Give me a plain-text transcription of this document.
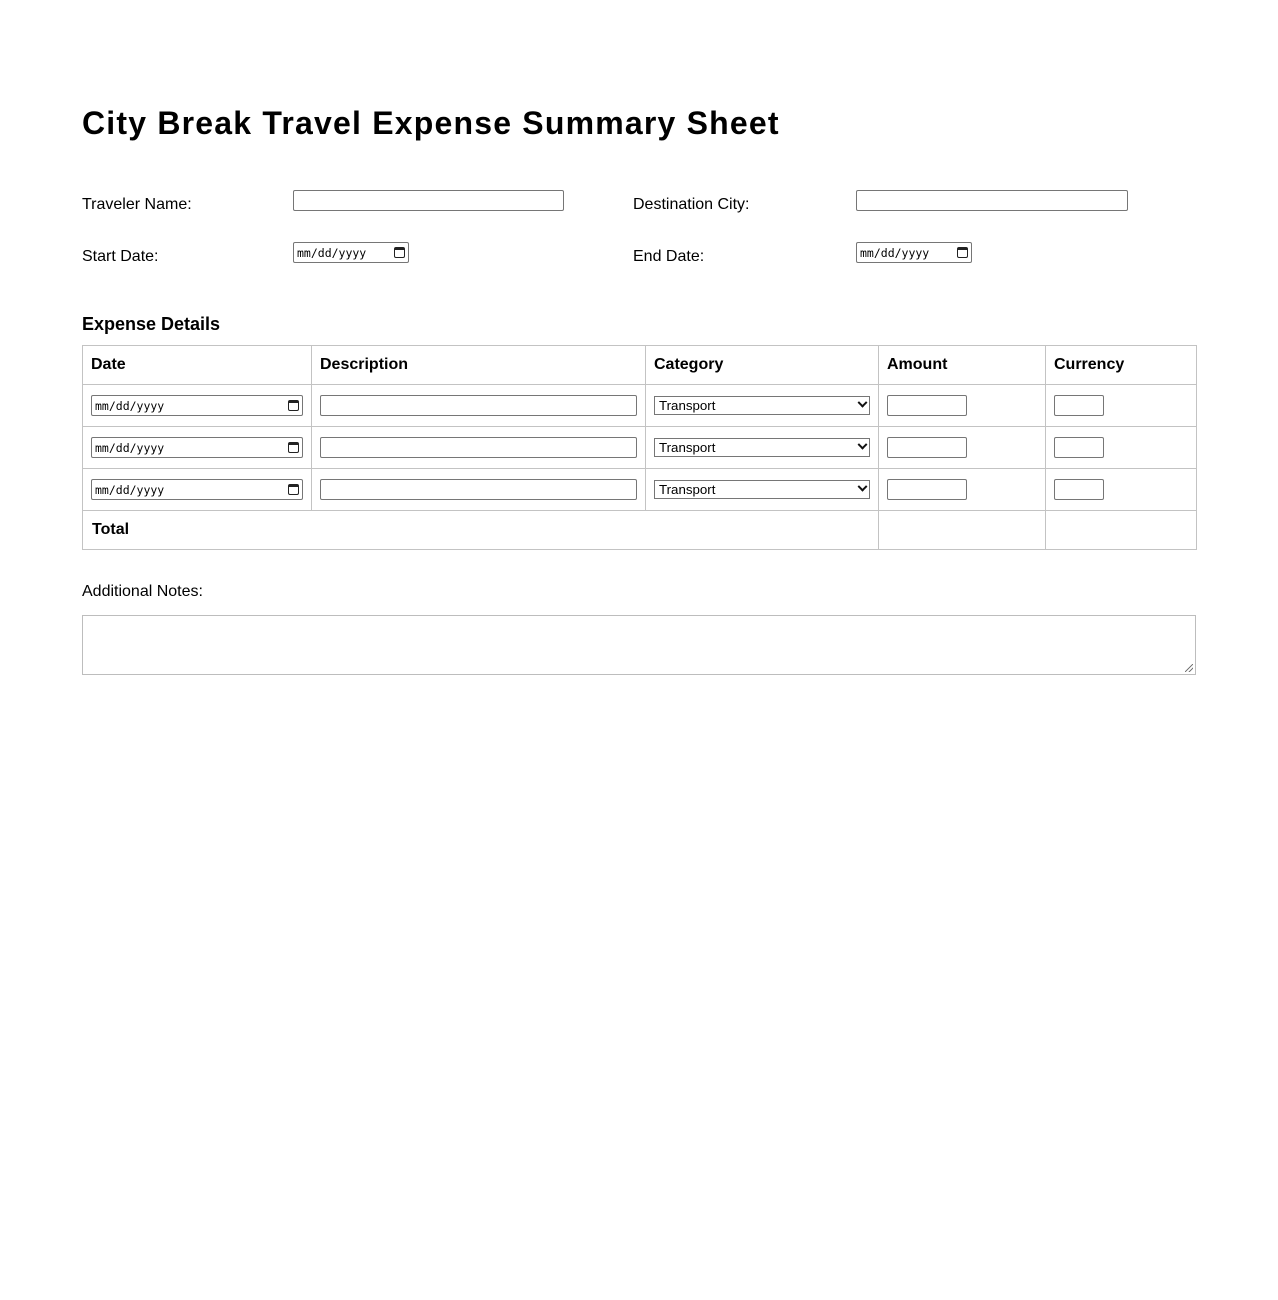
City Break Travel Expense Summary Sheet
Traveler Name:	Destination City:
Start Date:	mm/dd/yyyy	End Date:	mm/dd/yyyy
Expense Details
Date	Description	Category	Amount	Currency

mm/dd/yyyy		Transport

mm/dd/yyyy		Transport

mm/dd/yyyy		Transport

Total				
Additional Notes:
